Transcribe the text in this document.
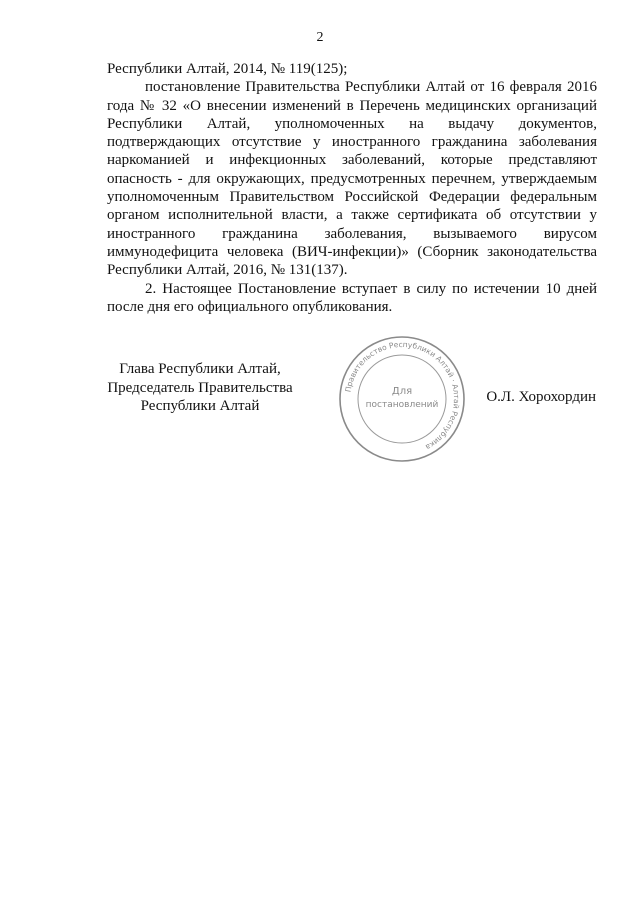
2

Республики Алтай, 2014, № 119(125);

постановление Правительства Республики Алтай от 16 февраля 2016 года № 32 «О внесении изменений в Перечень медицинских организаций Республики Алтай, уполномоченных на выдачу документов, подтверждающих отсутствие у иностранного гражданина заболевания наркоманией и инфекционных заболеваний, которые представляют опасность - для окружающих, предусмотренных перечнем, утверждаемым уполномоченным Правительством Российской Федерации федеральным органом исполнительной власти, а также сертификата об отсутствии у иностранного гражданина заболевания, вызываемого вирусом иммунодефицита человека (ВИЧ-инфекции)» (Сборник законодательства Республики Алтай, 2016, № 131(137).

2. Настоящее Постановление вступает в силу по истечении 10 дней после дня его официального опубликования.

Глава Республики Алтай,
Председатель Правительства
Республики Алтай
Правительство Республики Алтай · Алтай Республика
Для
постановлений	О.Л. Хорохордин
